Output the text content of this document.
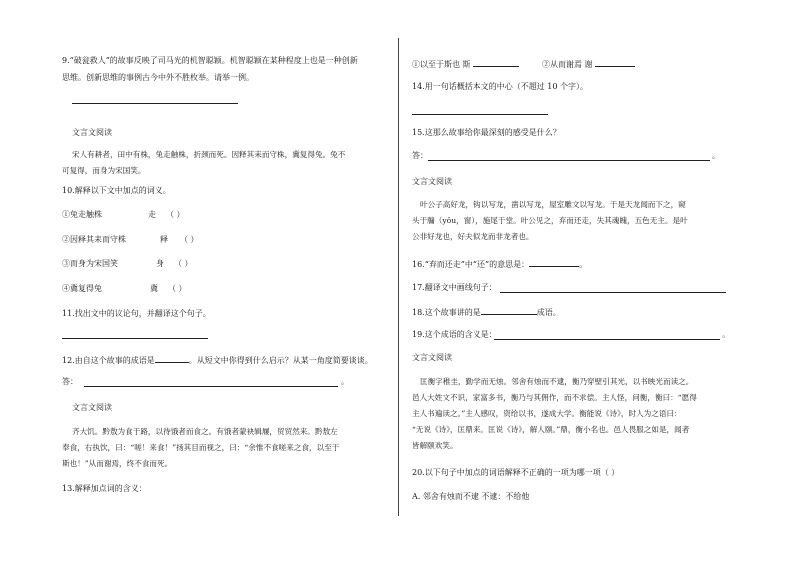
9.“破瓮救人”的故事反映了司马光的机智聪颖。机智聪颖在某种程度上也是一种创新
思维。创新思维的事例古今中外不胜枚举。请举一例。
文言文阅读
宋人有耕者，田中有株，兔走触株，折颈而死。因释其耒而守株，冀复得兔。兔不
可复得，而身为宋国笑。
10.解释以下文中加点的词义。
①兔走触株	走 （ ）
②因释其耒而守株	释 （ ）
③而身为宋国笑	身 （ ）
④冀复得兔	冀 （ ）
11.找出文中的议论句，并翻译这个句子。
12.由自这个故事的成语是	。从短文中你得到什么启示？从某一角度简要谈谈。
答：	。
文言文阅读
齐大饥。黔敖为食于路，以待饿者而食之。有饿者蒙袂辑屦，贸贸然来。黔敖左
奉食，右执饮，曰：“嗟！来食！”扬其目而视之，曰：“余惟不食嗟来之食，以至于
斯也！”从而谢焉，终不食而死。
13.解释加点词的含义：
①以至于斯也 斯	②从而谢焉 谢
14.用一句话概括本文的中心（不超过 10 个字）。
15.这那么故事给你最深刻的感受是什么？
答：	。
文言文阅读
叶公子高好龙，钩以写龙，凿以写龙，屋室雕文以写龙。于是天龙闻而下之，窥
头于牖（yǒu，窗），施尾于堂。叶公见之，弃而还走，失其魂魄，五色无主。是叶
公非好龙也，好夫似龙而非龙者也。
16.“弃而还走”中“还”的意思是：	。
17.翻译文中画线句子：
18.这个故事讲的是	成语。
19.这个成语的含义是：	。
文言文阅读
匡衡字稚圭，勤学而无烛。邻舍有烛而不逮，衡乃穿壁引其光，以书映光而读之。
邑人大姓文不识，家富多书，衡乃与其佣作，而不求偿。主人怪，问衡，衡曰：“愿得
主人书遍读之。”主人感叹，资给以书，遂成大学。衡能说《诗》，时人为之语曰：
“无说《诗》，匡鼎来。匡说《诗》，解人颐。”鼎，衡小名也。邑人畏服之如是，闻者
皆解颐欢笑。
20.以下句子中加点的词语解释不正确的一项为哪一项（ ）
A. 邻舍有烛而不逮 不逮：不给他
